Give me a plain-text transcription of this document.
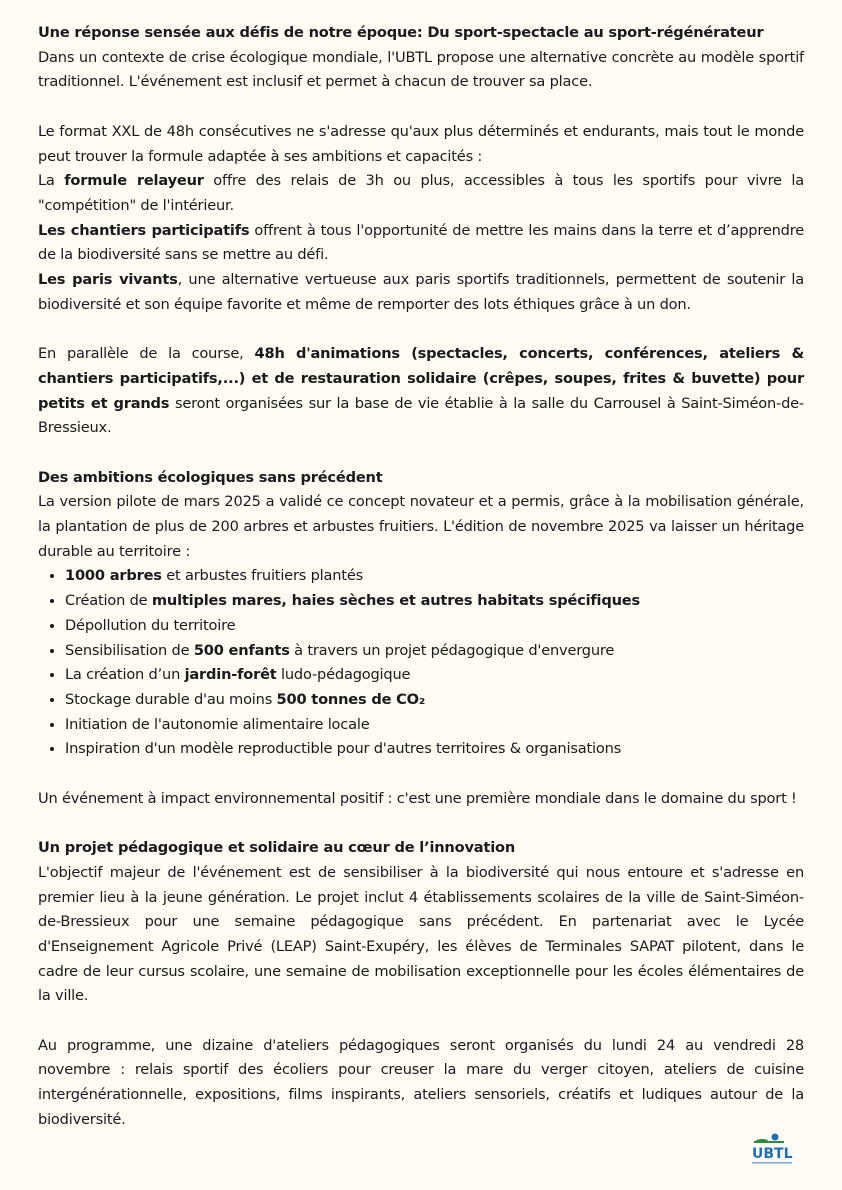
Une réponse sensée aux défis de notre époque: Du sport-spectacle au sport-régénérateur

Dans un contexte de crise écologique mondiale, l'UBTL propose une alternative concrète au modèle sportif traditionnel. L'événement est inclusif et permet à chacun de trouver sa place.

Le format XXL de 48h consécutives ne s'adresse qu'aux plus déterminés et endurants, mais tout le monde peut trouver la formule adaptée à ses ambitions et capacités :

La formule relayeur offre des relais de 3h ou plus, accessibles à tous les sportifs pour vivre la "compétition" de l'intérieur.

Les chantiers participatifs offrent à tous l'opportunité de mettre les mains dans la terre et d’apprendre de la biodiversité sans se mettre au défi.

Les paris vivants, une alternative vertueuse aux paris sportifs traditionnels, permettent de soutenir la biodiversité et son équipe favorite et même de remporter des lots éthiques grâce à un don.

En parallèle de la course, 48h d'animations (spectacles, concerts, conférences, ateliers & chantiers participatifs,...) et de restauration solidaire (crêpes, soupes, frites & buvette) pour petits et grands seront organisées sur la base de vie établie à la salle du Carrousel à Saint-Siméon-de-Bressieux.

Des ambitions écologiques sans précédent

La version pilote de mars 2025 a validé ce concept novateur et a permis, grâce à la mobilisation générale, la plantation de plus de 200 arbres et arbustes fruitiers. L'édition de novembre 2025 va laisser un héritage durable au territoire :

• 1000 arbres et arbustes fruitiers plantés
• Création de multiples mares, haies sèches et autres habitats spécifiques
• Dépollution du territoire
• Sensibilisation de 500 enfants à travers un projet pédagogique d'envergure
• La création d’un jardin-forêt ludo-pédagogique
• Stockage durable d'au moins 500 tonnes de CO₂
• Initiation de l'autonomie alimentaire locale
• Inspiration d'un modèle reproductible pour d'autres territoires & organisations

Un événement à impact environnemental positif : c'est une première mondiale dans le domaine du sport !

Un projet pédagogique et solidaire au cœur de l’innovation

L'objectif majeur de l'événement est de sensibiliser à la biodiversité qui nous entoure et s'adresse en premier lieu à la jeune génération. Le projet inclut 4 établissements scolaires de la ville de Saint-Siméon-de-Bressieux pour une semaine pédagogique sans précédent. En partenariat avec le Lycée d'Enseignement Agricole Privé (LEAP) Saint-Exupéry, les élèves de Terminales SAPAT pilotent, dans le cadre de leur cursus scolaire, une semaine de mobilisation exceptionnelle pour les écoles élémentaires de la ville.

Au programme, une dizaine d'ateliers pédagogiques seront organisés du lundi 24 au vendredi 28 novembre : relais sportif des écoliers pour creuser la mare du verger citoyen, ateliers de cuisine intergénérationnelle, expositions, films inspirants, ateliers sensoriels, créatifs et ludiques autour de la biodiversité.

UBTL
